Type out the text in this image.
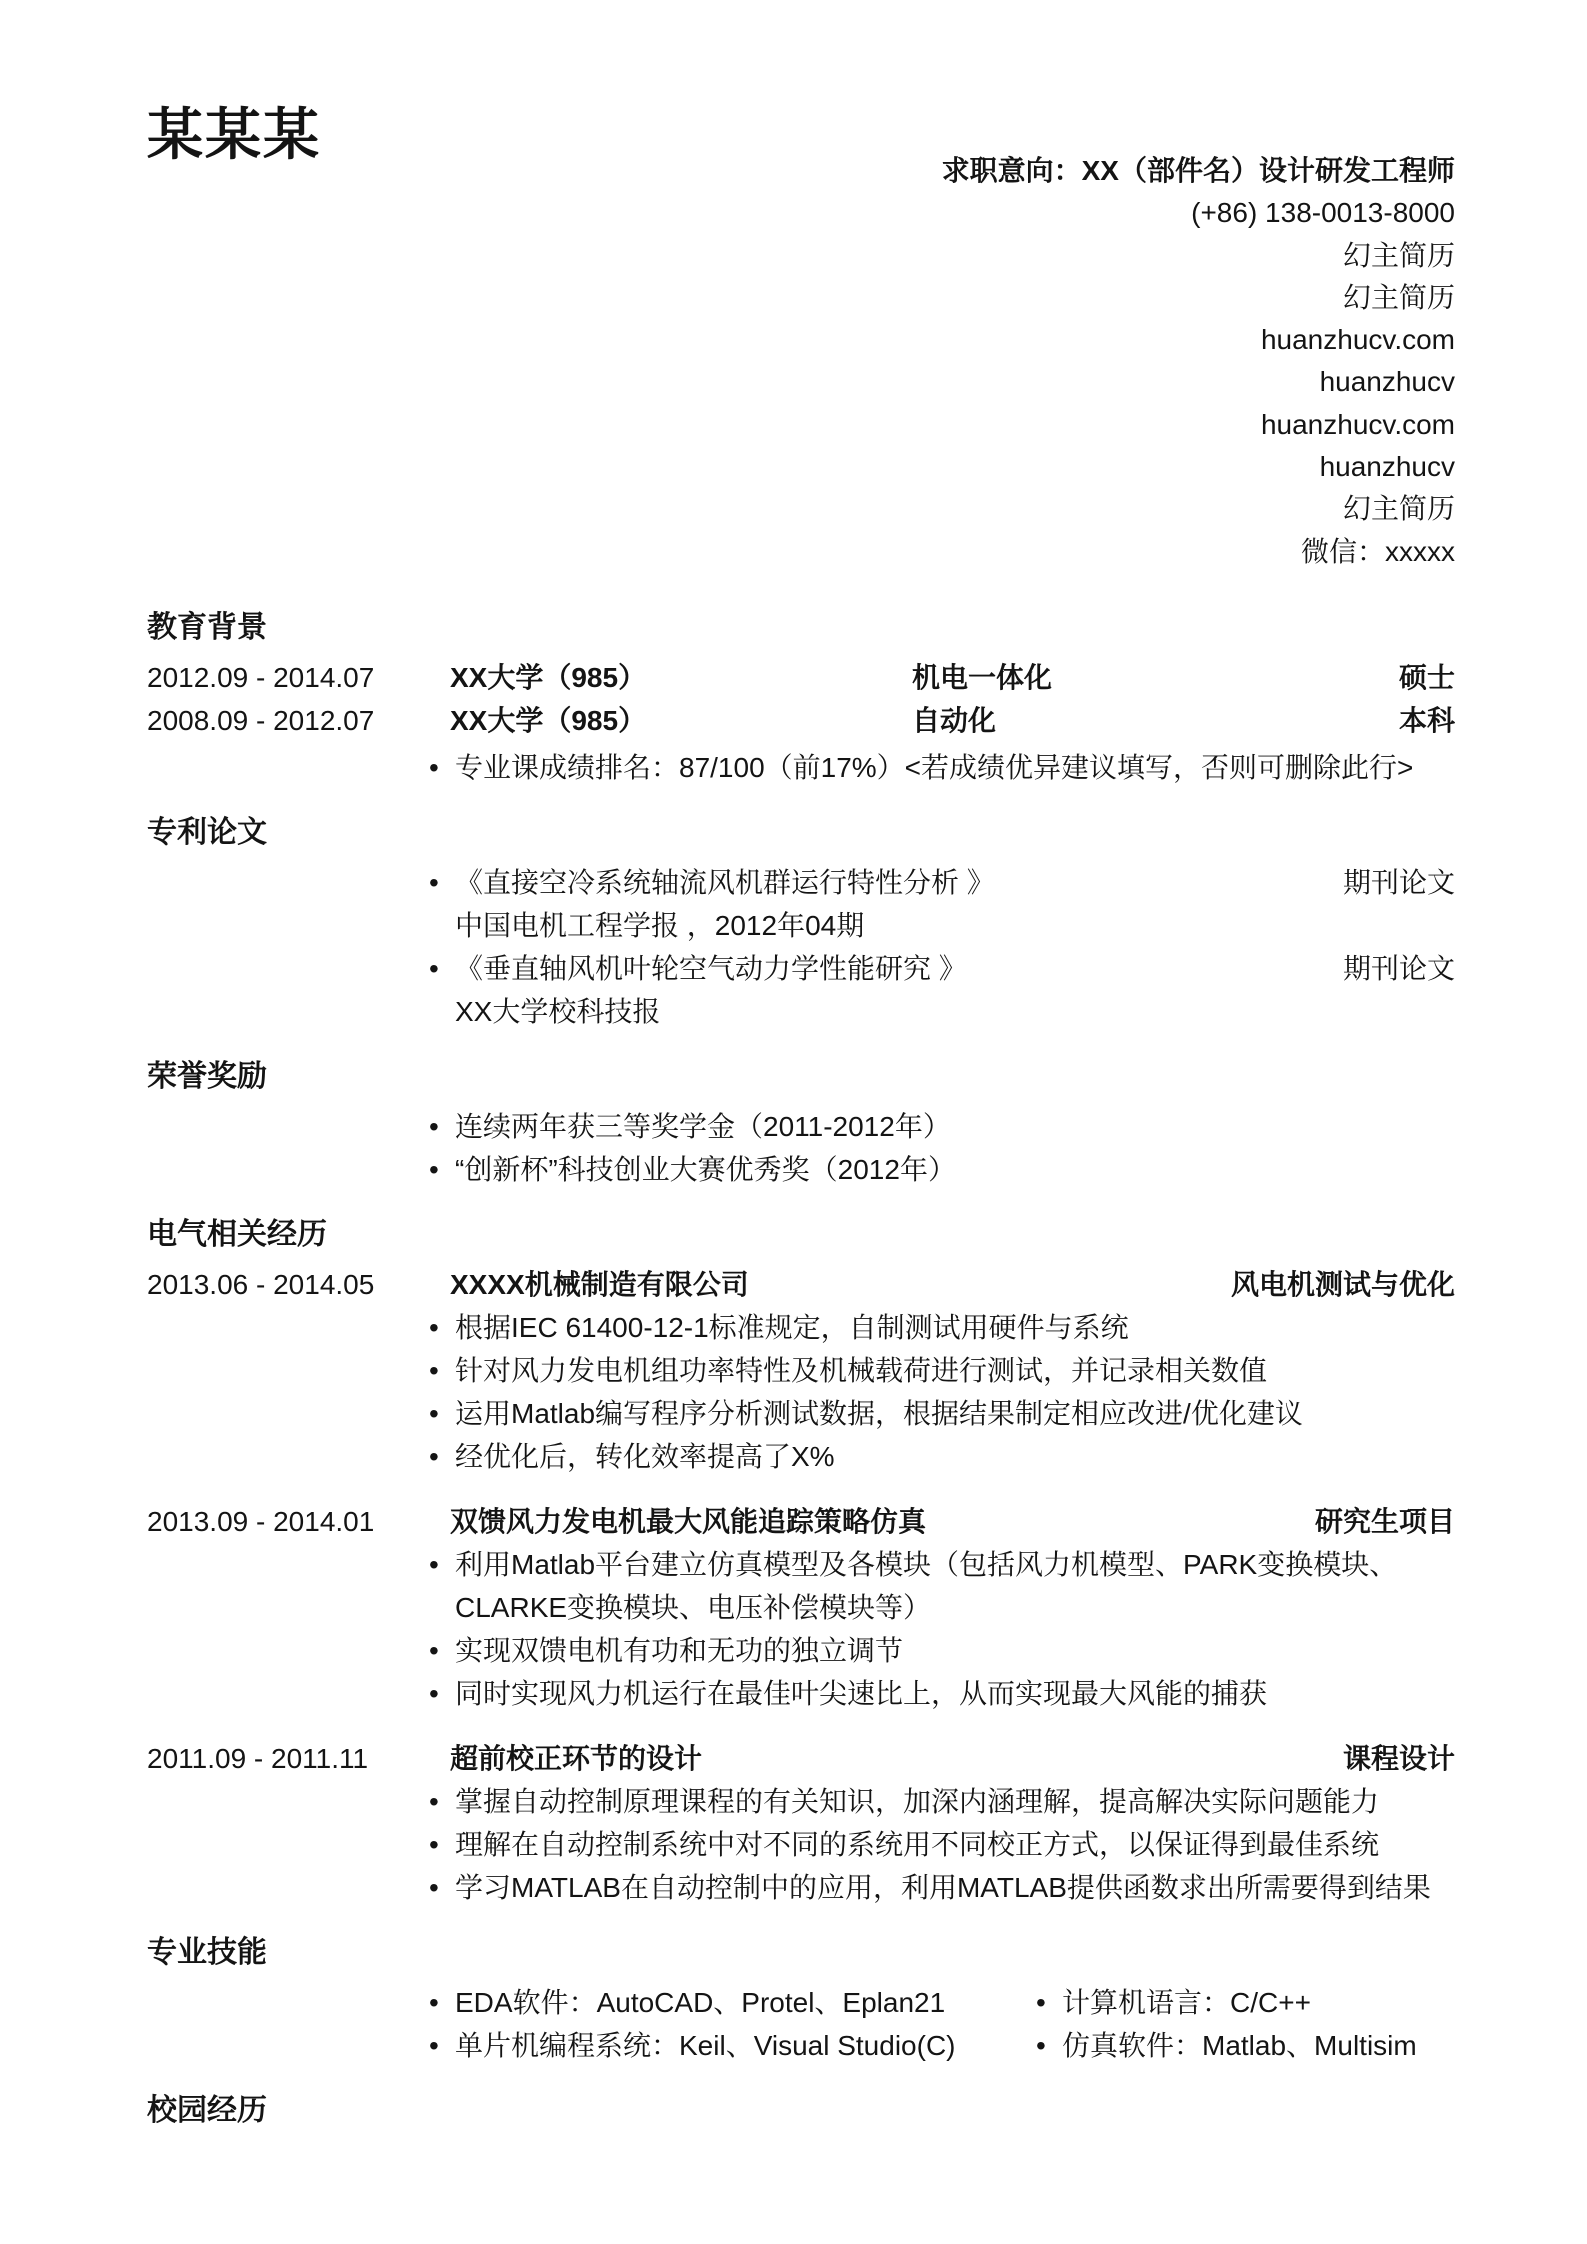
某某某
求职意向：XX（部件名）设计研发工程师
(+86) 138-0013-8000
幻主简历
幻主简历
huanzhucv.com
huanzhucv
huanzhucv.com
huanzhucv
幻主简历
微信：xxxxx
教育背景
2012.09 - 2014.07	XX大学（985）	机电一体化	硕士
2008.09 - 2012.07	XX大学（985）	自动化	本科
• 专业课成绩排名：87/100（前17%）<若成绩优异建议填写，否则可删除此行>
专利论文
• 《直接空冷系统轴流风机群运行特性分析 》	期刊论文
中国电机工程学报 ，2012年04期
• 《垂直轴风机叶轮空气动力学性能研究 》	期刊论文
XX大学校科技报
荣誉奖励
• 连续两年获三等奖学金（2011-2012年）
• “创新杯”科技创业大赛优秀奖（2012年）
电气相关经历
2013.06 - 2014.05	XXXX机械制造有限公司	风电机测试与优化
• 根据IEC 61400-12-1标准规定，自制测试用硬件与系统
• 针对风力发电机组功率特性及机械载荷进行测试，并记录相关数值
• 运用Matlab编写程序分析测试数据，根据结果制定相应改进/优化建议
• 经优化后，转化效率提高了X%
2013.09 - 2014.01	双馈风力发电机最大风能追踪策略仿真	研究生项目
• 利用Matlab平台建立仿真模型及各模块（包括风力机模型、PARK变换模块、CLARKE变换模块、电压补偿模块等）
• 实现双馈电机有功和无功的独立调节
• 同时实现风力机运行在最佳叶尖速比上，从而实现最大风能的捕获
2011.09 - 2011.11	超前校正环节的设计	课程设计
• 掌握自动控制原理课程的有关知识，加深内涵理解，提高解决实际问题能力
• 理解在自动控制系统中对不同的系统用不同校正方式，以保证得到最佳系统
• 学习MATLAB在自动控制中的应用，利用MATLAB提供函数求出所需要得到结果
专业技能
• EDA软件：AutoCAD、Protel、Eplan21	• 计算机语言：C/C++
• 单片机编程系统：Keil、Visual Studio(C)	• 仿真软件：Matlab、Multisim
校园经历
